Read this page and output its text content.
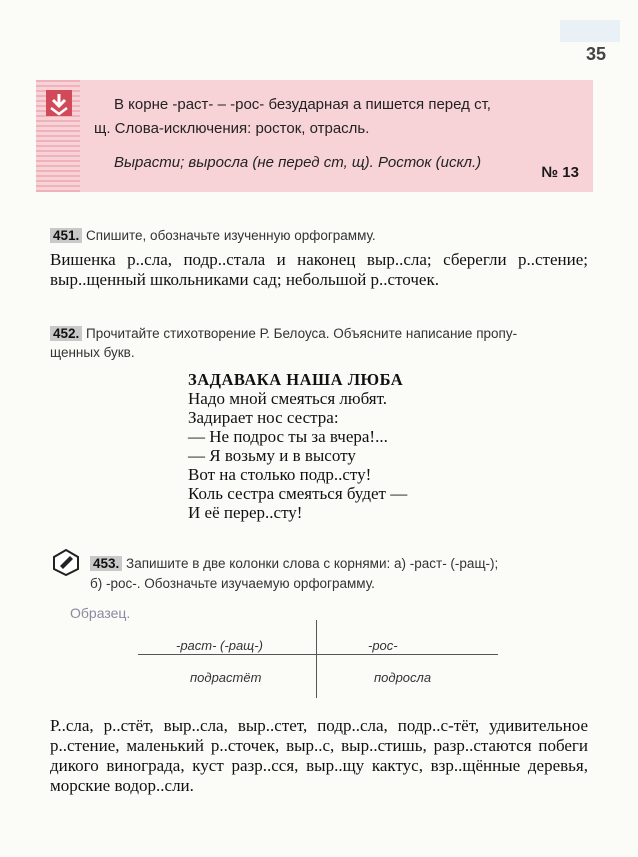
35
В корне -раст- – -рос- безударная а пишется перед ст,
щ. Слова-исключения: росток, отрасль.
Вырасти; выросла (не перед ст, щ). Росток (искл.)
№ 13
451. Спишите, обозначьте изученную орфограмму.
Вишенка р..сла, подр..стала и наконец выр..сла; сберегли р..стение; выр..щенный школьниками сад; небольшой р..сточек.
452. Прочитайте стихотворение Р. Белоуса. Объясните написание пропу-
щенных букв.
ЗАДАВАКА НАША ЛЮБА
Надо мной смеяться любят.
Задирает нос сестра:
— Не подрос ты за вчера!...
— Я возьму и в высоту
Вот на столько подр..сту!
Коль сестра смеяться будет —
И её перер..сту!
453. Запишите в две колонки слова с корнями: а) -раст- (-ращ-);
б) -рос-. Обозначьте изучаемую орфограмму.
Образец.
-раст- (-ращ-)	-рос-
подрастёт	подросла
Р..сла, р..стёт, выр..сла, выр..стет, подр..сла, подр..с-тёт, удивительное р..стение, маленький р..сточек, выр..с, выр..стишь, разр..стаются побеги дикого винограда, куст разр..сся, выр..щу кактус, взр..щённые деревья, морские водор..сли.
